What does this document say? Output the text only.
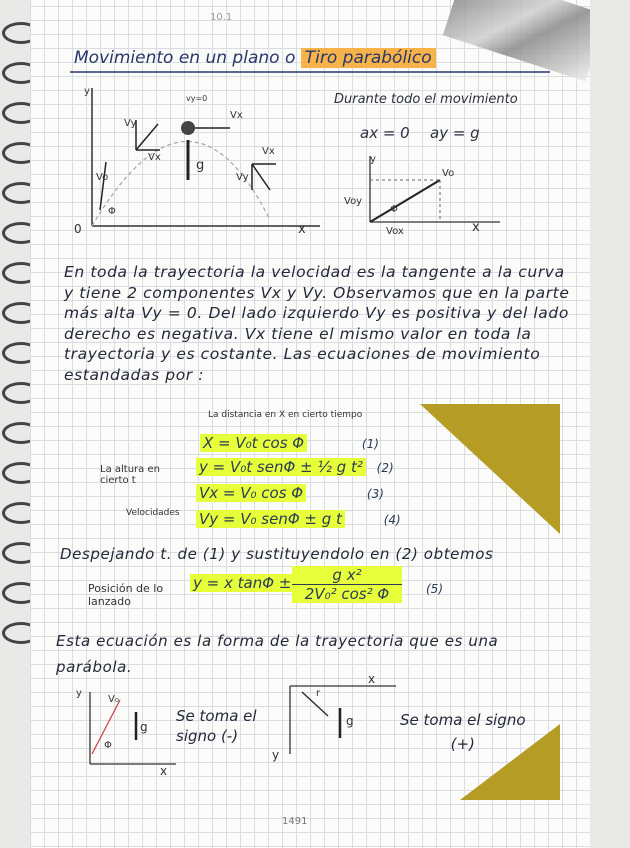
10.1
Movimiento en un plano o Tiro parabólico
y
x
0
vy=0
Vx
Vx
Vx
Vy
Vy
Vo
Φ
g
Durante todo el movimiento
ax = 0 ay = g
y
x
Vo
Voy
Vox
Φ
En toda la trayectoria la velocidad es la tangente a la curva
y tiene 2 componentes Vx y Vy. Observamos que en la parte
más alta Vy = 0. Del lado izquierdo Vy es positiva y del lado
derecho es negativa. Vx tiene el mismo valor en toda la
trayectoria y es costante. Las ecuaciones de movimiento
estandadas por :
La distancia en X en cierto tiempo
La altura en cierto t
Velocidades
X = V₀t cos Φ	(1)
y = V₀t senΦ ± ½ g t² (2)
Vx = V₀ cos Φ	(3)
Vy = V₀ senΦ ± g t	(4)
Despejando t. de (1) y sustituyendolo en (2) obtemos
Posición de lo lanzado
y = x $\tan\Phi \pm \frac{\text{g x²}}{\text{2V₀² cos² Φ}} (5)$
Esta ecuación es la forma de la trayectoria que es una
parábola.
y
x
V₀
Φ
g
Se toma el
signo (-)
y
x
r
g	Se toma el signo
(+)
1491
